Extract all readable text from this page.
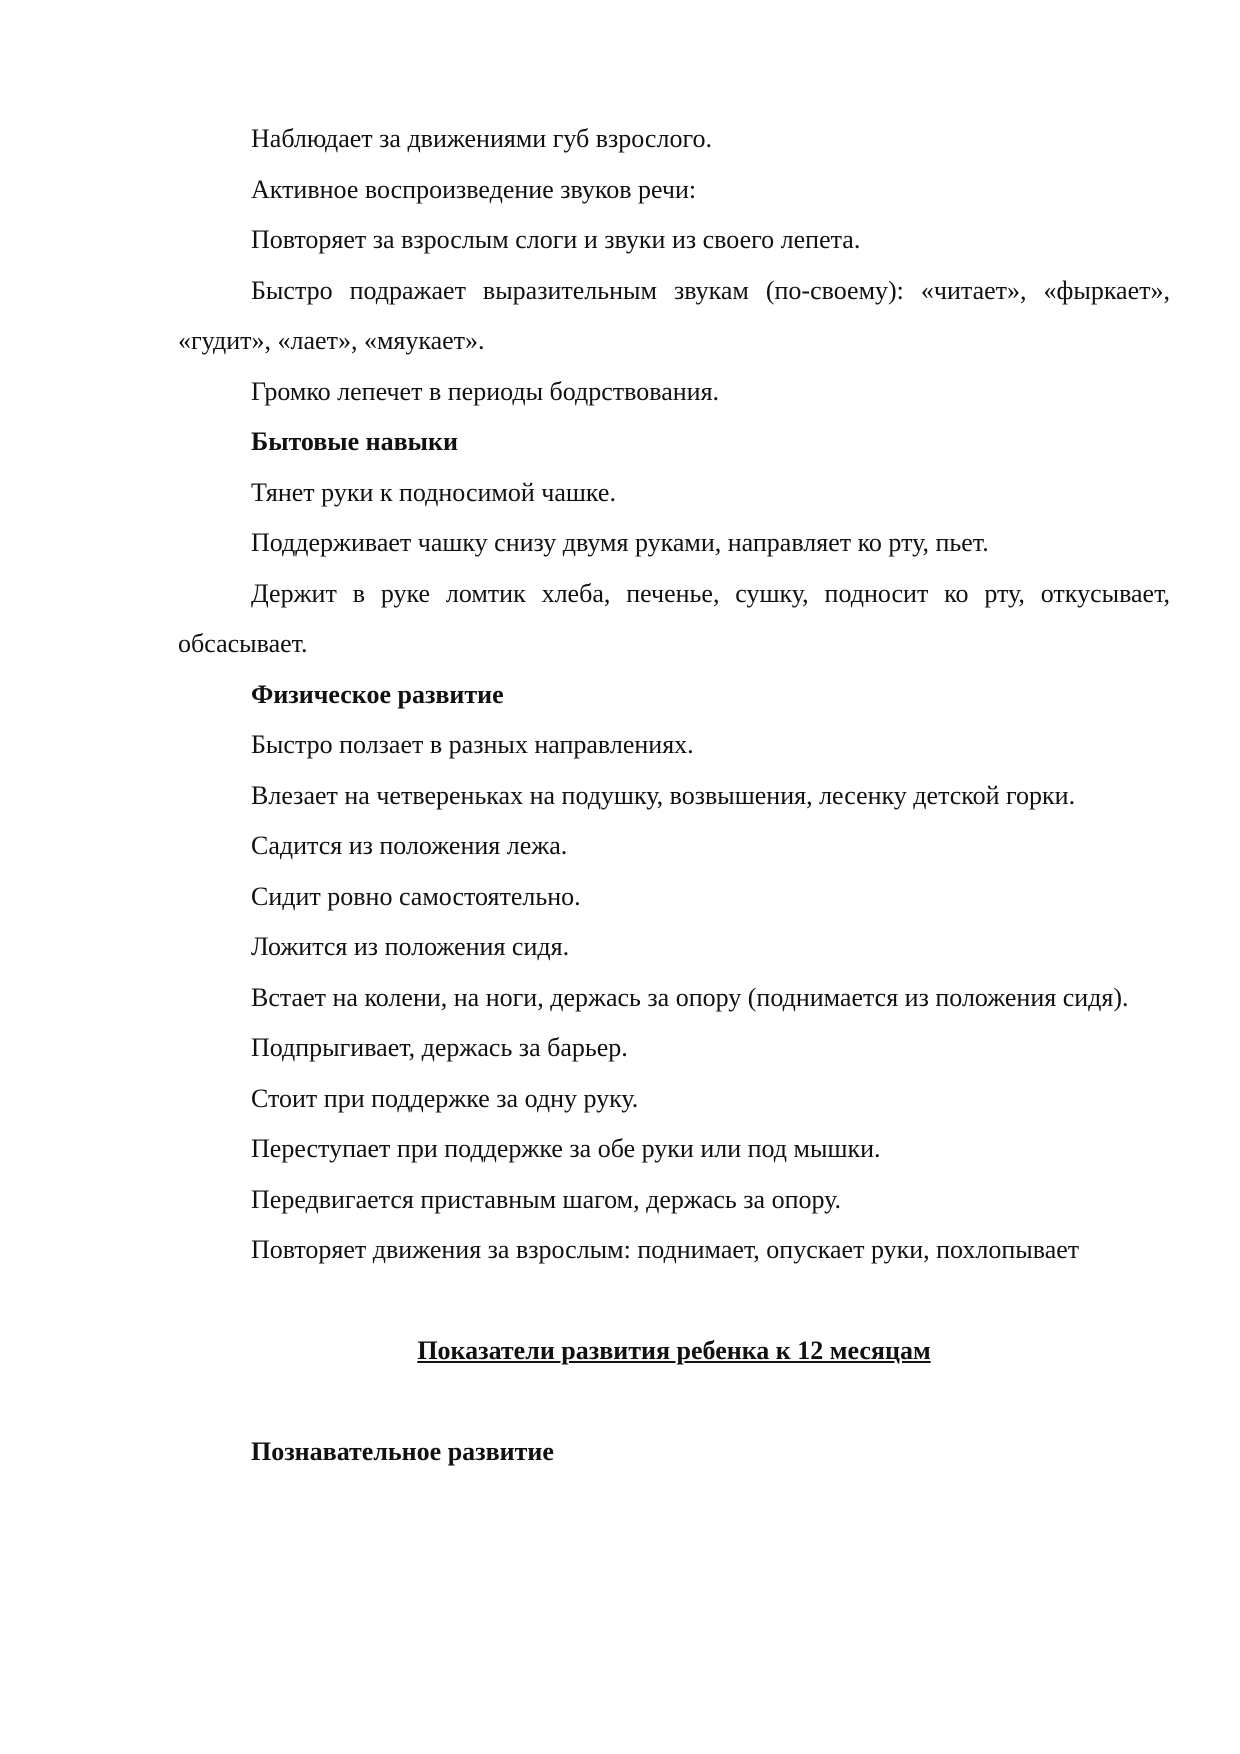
Наблюдает за движениями губ взрослого.

Активное воспроизведение звуков речи:

Повторяет за взрослым слоги и звуки из своего лепета.

Быстро подражает выразительным звукам (по-своему): «читает», «фыркает», «гудит», «лает», «мяукает».

Громко лепечет в периоды бодрствования.

Бытовые навыки

Тянет руки к подносимой чашке.

Поддерживает чашку снизу двумя руками, направляет ко рту, пьет.

Держит в руке ломтик хлеба, печенье, сушку, подносит ко рту, откусывает, обсасывает.

Физическое развитие

Быстро ползает в разных направлениях.

Влезает на четвереньках на подушку, возвышения, лесенку детской горки.

Садится из положения лежа.

Сидит ровно самостоятельно.

Ложится из положения сидя.

Встает на колени, на ноги, держась за опору (поднимается из положения сидя).

Подпрыгивает, держась за барьер.

Стоит при поддержке за одну руку.

Переступает при поддержке за обе руки или под мышки.

Передвигается приставным шагом, держась за опору.

Повторяет движения за взрослым: поднимает, опускает руки, похлопывает

Показатели развития ребенка к 12 месяцам

Познавательное развитие
